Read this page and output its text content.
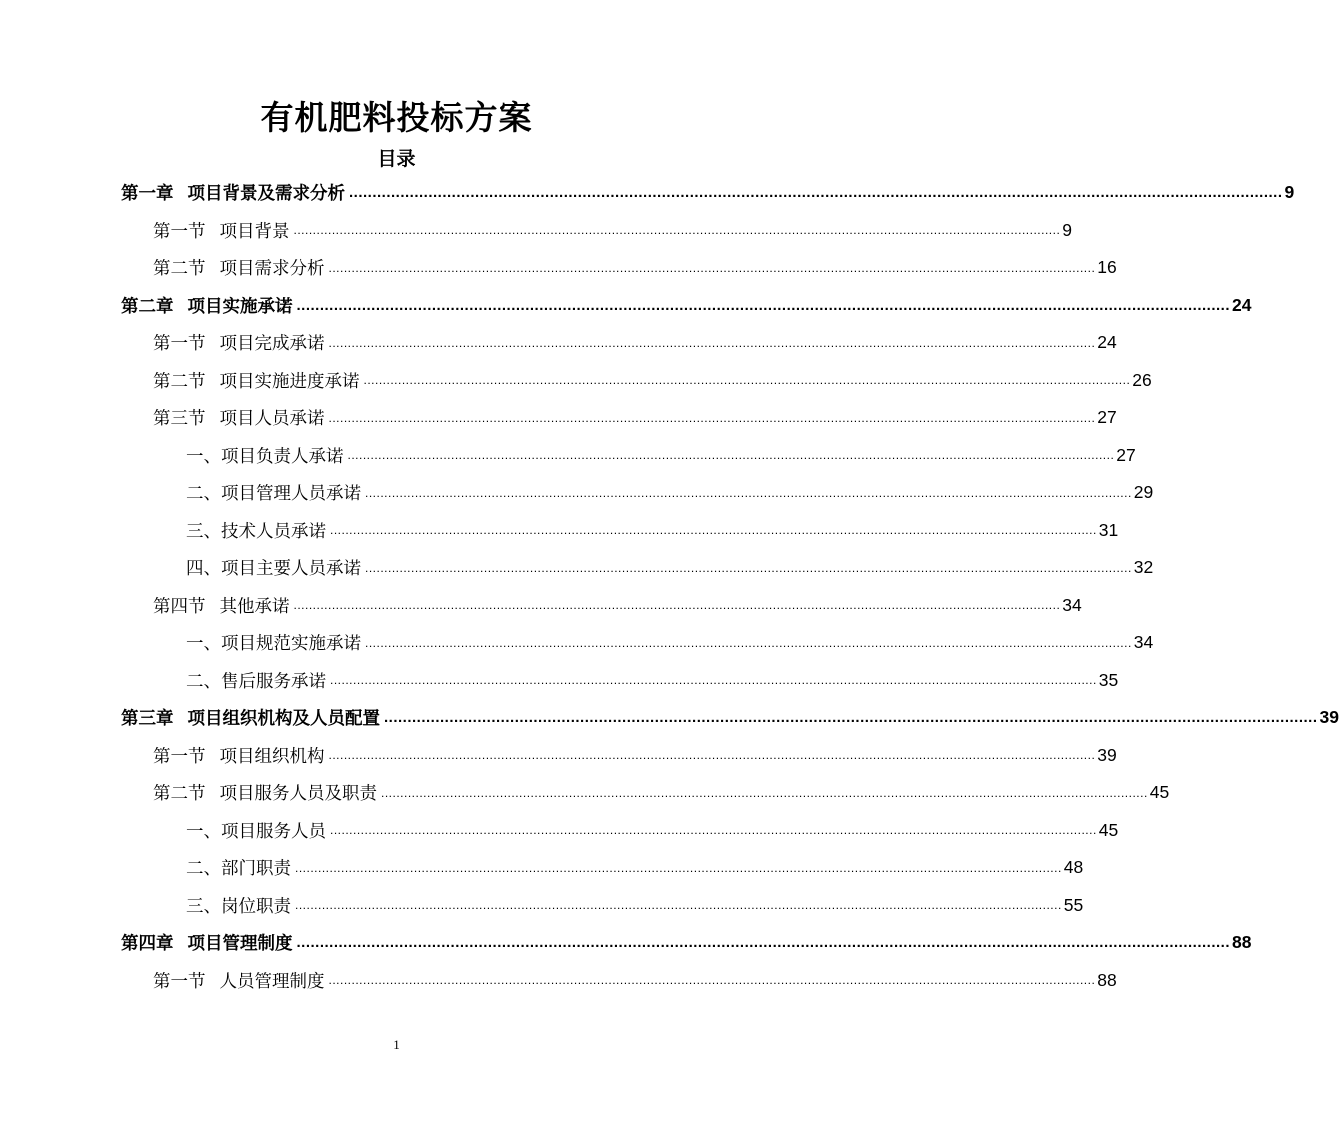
有机肥料投标方案
目录
第一章 项目背景及需求分析 ........................................................................................................................................................................................................ 9
第一节 项目背景 ........................................................................................................................................................................................................ 9
第二节 项目需求分析 ........................................................................................................................................................................................................ 16
第二章 项目实施承诺 ........................................................................................................................................................................................................ 24
第一节 项目完成承诺 ........................................................................................................................................................................................................ 24
第二节 项目实施进度承诺 ........................................................................................................................................................................................................ 26
第三节 项目人员承诺 ........................................................................................................................................................................................................ 27
一、项目负责人承诺 ........................................................................................................................................................................................................ 27
二、项目管理人员承诺 ........................................................................................................................................................................................................ 29
三、技术人员承诺 ........................................................................................................................................................................................................ 31
四、项目主要人员承诺 ........................................................................................................................................................................................................ 32
第四节 其他承诺 ........................................................................................................................................................................................................ 34
一、项目规范实施承诺 ........................................................................................................................................................................................................ 34
二、售后服务承诺 ........................................................................................................................................................................................................ 35
第三章 项目组织机构及人员配置 ........................................................................................................................................................................................................ 39
第一节 项目组织机构 ........................................................................................................................................................................................................ 39
第二节 项目服务人员及职责 ........................................................................................................................................................................................................ 45
一、项目服务人员 ........................................................................................................................................................................................................ 45
二、部门职责 ........................................................................................................................................................................................................ 48
三、岗位职责 ........................................................................................................................................................................................................ 55
第四章 项目管理制度 ........................................................................................................................................................................................................ 88
第一节 人员管理制度 ........................................................................................................................................................................................................ 88
1
